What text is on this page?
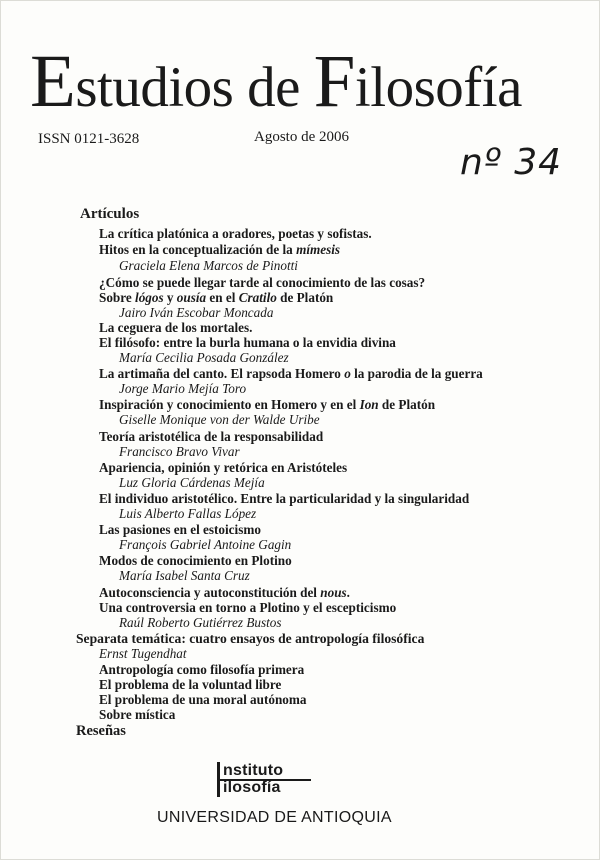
Estudios de Filosofía
ISSN 0121-3628	Agosto de 2006
nº 34
Artículos
La crítica platónica a oradores, poetas y sofistas.
Hitos en la conceptualización de la mímesis
Graciela Elena Marcos de Pinotti
¿Cómo se puede llegar tarde al conocimiento de las cosas?
Sobre lógos y ousía en el Cratilo de Platón
Jairo Iván Escobar Moncada
La ceguera de los mortales.
El filósofo: entre la burla humana o la envidia divina
María Cecilia Posada González
La artimaña del canto. El rapsoda Homero o la parodia de la guerra
Jorge Mario Mejía Toro
Inspiración y conocimiento en Homero y en el Ion de Platón
Giselle Monique von der Walde Uribe
Teoría aristotélica de la responsabilidad
Francisco Bravo Vivar
Apariencia, opinión y retórica en Aristóteles
Luz Gloria Cárdenas Mejía
El individuo aristotélico. Entre la particularidad y la singularidad
Luis Alberto Fallas López
Las pasiones en el estoicismo
François Gabriel Antoine Gagin
Modos de conocimiento en Plotino
María Isabel Santa Cruz
Autoconsciencia y autoconstitución del nous.
Una controversia en torno a Plotino y el escepticismo
Raúl Roberto Gutiérrez Bustos
Separata temática: cuatro ensayos de antropología filosófica
Ernst Tugendhat
Antropología como filosofía primera
El problema de la voluntad libre
El problema de una moral autónoma
Sobre mística
Reseñas
nstituto
ilosofía
UNIVERSIDAD DE ANTIOQUIA
